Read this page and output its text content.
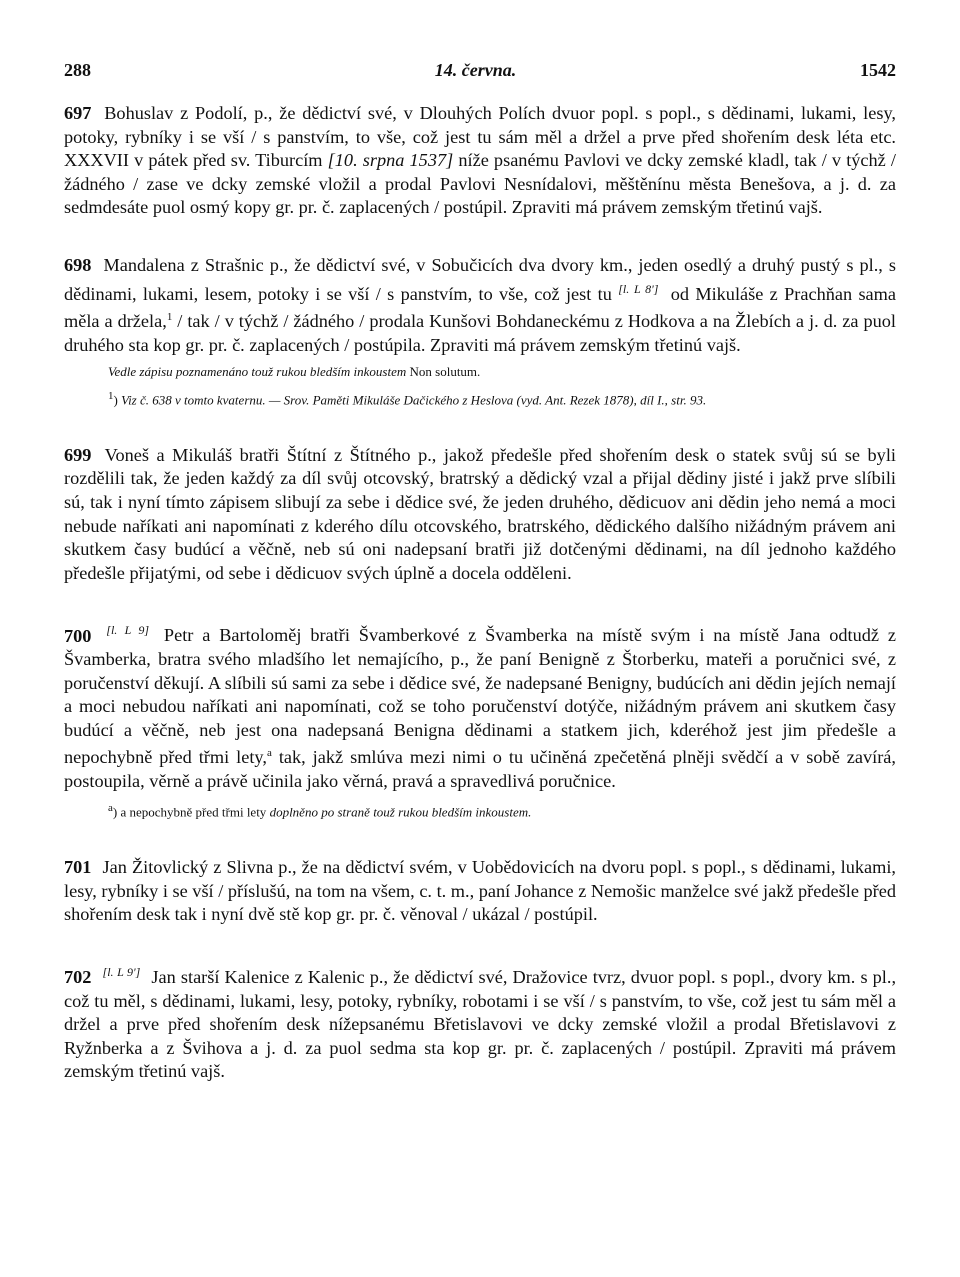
288	14. června.	1542
697 Bohuslav z Podolí, p., že dědictví své, v Dlouhých Polích dvuor popl. s popl., s dědinami, lukami, lesy, potoky, rybníky i se vší / s panstvím, to vše, což jest tu sám měl a držel a prve před shořením desk léta etc. XXXVII v pátek před sv. Tiburcím [10. srpna 1537] níže psanému Pavlovi ve dcky zemské kladl, tak / v týchž / žádného / zase ve dcky zemské vložil a prodal Pavlovi Nesnídalovi, měštěnínu města Benešova, a j. d. za sedmdesáte puol osmý kopy gr. pr. č. zaplacených / postúpil. Zpraviti má právem zemským třetinú vajš.
698 Mandalena z Strašnic p., že dědictví své, v Sobučicích dva dvory km., jeden osedlý a druhý pustý s pl., s dědinami, lukami, lesem, potoky i se vší / s panstvím, to vše, což jest tu [l. L 8'] od Mikuláše z Prachňan sama měla a držela,$^1$ / tak / v týchž / žádného / prodala Kunšovi Bohdaneckému z Hodkova a na Žlebích a j. d. za puol druhého sta kop gr. pr. č. zaplacených / postúpila. Zpraviti má právem zemským třetinú vajš.
Vedle zápisu poznamenáno touž rukou bledším inkoustem Non solutum.
$^1$) Viz č. 638 v tomto kvaternu. — Srov. Paměti Mikuláše Dačického z Heslova (vyd. Ant. Rezek 1878), díl I., str. 93.
699 Voneš a Mikuláš bratři Štítní z Štítného p., jakož předešle před shořením desk o statek svůj sú se byli rozdělili tak, že jeden každý za díl svůj otcovský, bratrský a dědický vzal a přijal dědiny jisté i jakž prve slíbili sú, tak i nyní tímto zápisem slibují za sebe i dědice své, že jeden druhého, dědicuov ani dědin jeho nemá a moci nebude naříkati ani napomínati z kderého dílu otcovského, bratrského, dědického dalšího nižádným právem ani skutkem časy budúcí a věčně, neb sú oni nadepsaní bratři již dotčenými dědinami, na díl jednoho každého předešle přijatými, od sebe i dědicuov svých úplně a docela odděleni.
700 [l. L 9] Petr a Bartoloměj bratři Švamberkové z Švamberka na místě svým i na místě Jana odtudž z Švamberka, bratra svého mladšího let nemajícího, p., že paní Benigně z Štorberku, mateři a poručnici své, z poručenství děkují. A slíbili sú sami za sebe i dědice své, že nadepsané Benigny, budúcích ani dědin jejích nemají a moci nebudou naříkati ani napomínati, což se toho poručenství dotýče, nižádným právem ani skutkem časy budúcí a věčně, neb jest ona nadepsaná Benigna dědinami a statkem jich, kderéhož jest jim předešle a nepochybně před třmi lety,$^a$ tak, jakž smlúva mezi nimi o tu učiněná zpečetěná plněji svědčí a v sobě zavírá, postoupila, věrně a právě učinila jako věrná, pravá a spravedlivá poručnice.
$^a$) a nepochybně před třmi lety doplněno po straně touž rukou bledším inkoustem.
701 Jan Žitovlický z Slivna p., že na dědictví svém, v Uobědovicích na dvoru popl. s popl., s dědinami, lukami, lesy, rybníky i se vší / příslušú, na tom na všem, c. t. m., paní Johance z Nemošic manželce své jakž předešle před shořením desk tak i nyní dvě stě kop gr. pr. č. věnoval / ukázal / postúpil.
702 [l. L 9'] Jan starší Kalenice z Kalenic p., že dědictví své, Dražovice tvrz, dvuor popl. s popl., dvory km. s pl., což tu měl, s dědinami, lukami, lesy, potoky, rybníky, robotami i se vší / s panstvím, to vše, což jest tu sám měl a držel a prve před shořením desk nížepsanému Břetislavovi ve dcky zemské vložil a prodal Břetislavovi z Ryžnberka a z Švihova a j. d. za puol sedma sta kop gr. pr. č. zaplacených / postúpil. Zpraviti má právem zemským třetinú vajš.
